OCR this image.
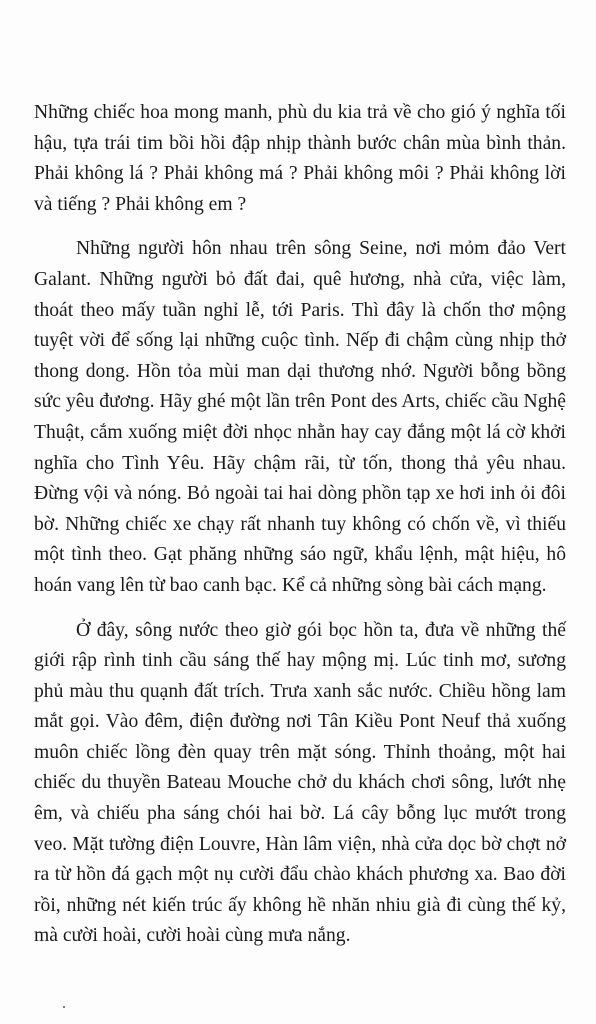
Những chiếc hoa mong manh, phù du kia trả về cho gió ý nghĩa tối hậu, tựa trái tim bồi hồi đập nhịp thành bước chân mùa bình thản. Phải không lá ? Phải không má ? Phải không môi ? Phải không lời và tiếng ? Phải không em ?

Những người hôn nhau trên sông Seine, nơi mỏm đảo Vert Galant. Những người bỏ đất đai, quê hương, nhà cửa, việc làm, thoát theo mấy tuần nghỉ lễ, tới Paris. Thì đây là chốn thơ mộng tuyệt vời để sống lại những cuộc tình. Nếp đi chậm cùng nhịp thở thong dong. Hồn tỏa mùi man dại thương nhớ. Người bỗng bồng sức yêu đương. Hãy ghé một lần trên Pont des Arts, chiếc cầu Nghệ Thuật, cắm xuống miệt đời nhọc nhằn hay cay đắng một lá cờ khởi nghĩa cho Tình Yêu. Hãy chậm rãi, từ tốn, thong thả yêu nhau. Đừng vội và nóng. Bỏ ngoài tai hai dòng phồn tạp xe hơi inh ỏi đôi bờ. Những chiếc xe chạy rất nhanh tuy không có chốn về, vì thiếu một tình theo. Gạt phăng những sáo ngữ, khẩu lệnh, mật hiệu, hô hoán vang lên từ bao canh bạc. Kể cả những sòng bài cách mạng.

Ở đây, sông nước theo giờ gói bọc hồn ta, đưa về những thế giới rập rình tinh cầu sáng thế hay mộng mị. Lúc tinh mơ, sương phủ màu thu quạnh đất trích. Trưa xanh sắc nước. Chiều hồng lam mắt gọi. Vào đêm, điện đường nơi Tân Kiều Pont Neuf thả xuống muôn chiếc lồng đèn quay trên mặt sóng. Thỉnh thoảng, một hai chiếc du thuyền Bateau Mouche chở du khách chơi sông, lướt nhẹ êm, và chiếu pha sáng chói hai bờ. Lá cây bỗng lục mướt trong veo. Mặt tường điện Louvre, Hàn lâm viện, nhà cửa dọc bờ chợt nở ra từ hồn đá gạch một nụ cười đẩu chào khách phương xa. Bao đời rồi, những nét kiến trúc ấy không hề nhăn nhiu già đi cùng thế kỷ, mà cười hoài, cười hoài cùng mưa nắng.
